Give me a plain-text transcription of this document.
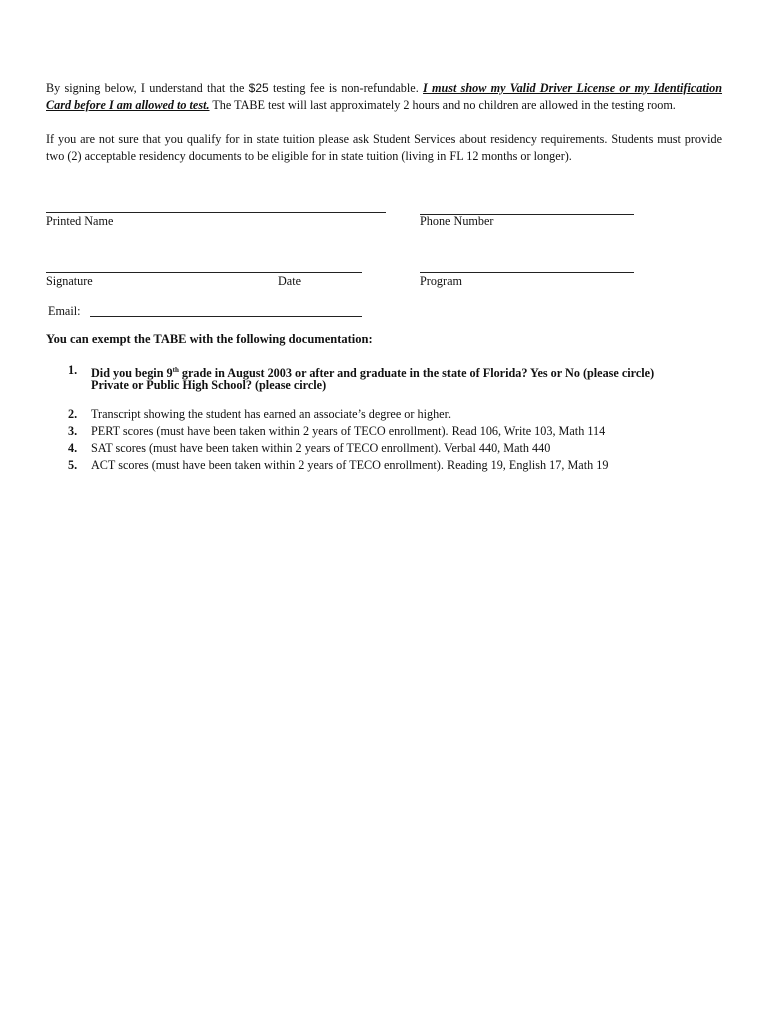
By signing below, I understand that the $25 testing fee is non-refundable. I must show my Valid Driver License or my Identification Card before I am allowed to test. The TABE test will last approximately 2 hours and no children are allowed in the testing room.
If you are not sure that you qualify for in state tuition please ask Student Services about residency requirements. Students must provide two (2) acceptable residency documents to be eligible for in state tuition (living in FL 12 months or longer).
Printed Name	Phone Number
Signature	Date	Program
Email:
You can exempt the TABE with the following documentation:
1.	Did you begin 9th grade in August 2003 or after and graduate in the state of Florida? Yes or No (please circle)
Private or Public High School? (please circle)
2.	Transcript showing the student has earned an associate’s degree or higher.
3.	PERT scores (must have been taken within 2 years of TECO enrollment). Read 106, Write 103, Math 114
4.	SAT scores (must have been taken within 2 years of TECO enrollment). Verbal 440, Math 440
5.	ACT scores (must have been taken within 2 years of TECO enrollment). Reading 19, English 17, Math 19
